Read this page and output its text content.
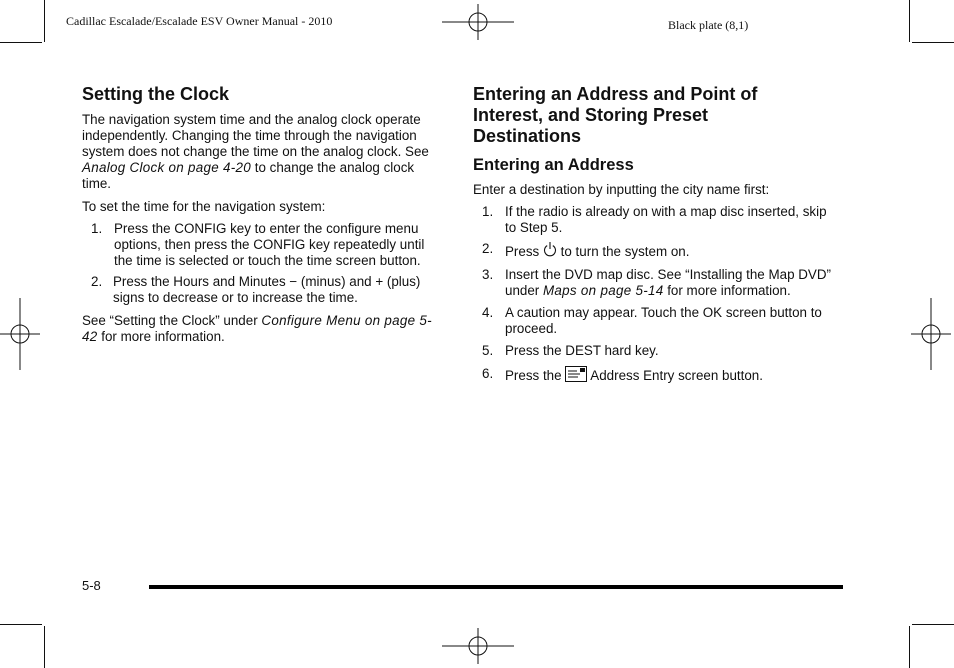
Cadillac Escalade/Escalade ESV Owner Manual - 2010	Black plate (8,1)
Setting the Clock

The navigation system time and the analog clock operate independently. Changing the time through the navigation system does not change the time on the analog clock. See Analog Clock on page 4-20 to change the analog clock time.

To set the time for the navigation system:

1. Press the CONFIG key to enter the configure menu options, then press the CONFIG key repeatedly until the time is selected or touch the time screen button.
2. Press the Hours and Minutes − (minus) and + (plus) signs to decrease or to increase the time.

See “Setting the Clock” under Configure Menu on page 5-42 for more information.

Entering an Address and Point of Interest, and Storing Preset Destinations
Entering an Address

Enter a destination by inputting the city name first:

1. If the radio is already on with a map disc inserted, skip to Step 5.
2. Press  to turn the system on.
3. Insert the DVD map disc. See “Installing the Map DVD” under Maps on page 5-14 for more information.
4. A caution may appear. Touch the OK screen button to proceed.
5. Press the DEST hard key.
6. Press the  Address Entry screen button.
5-8
